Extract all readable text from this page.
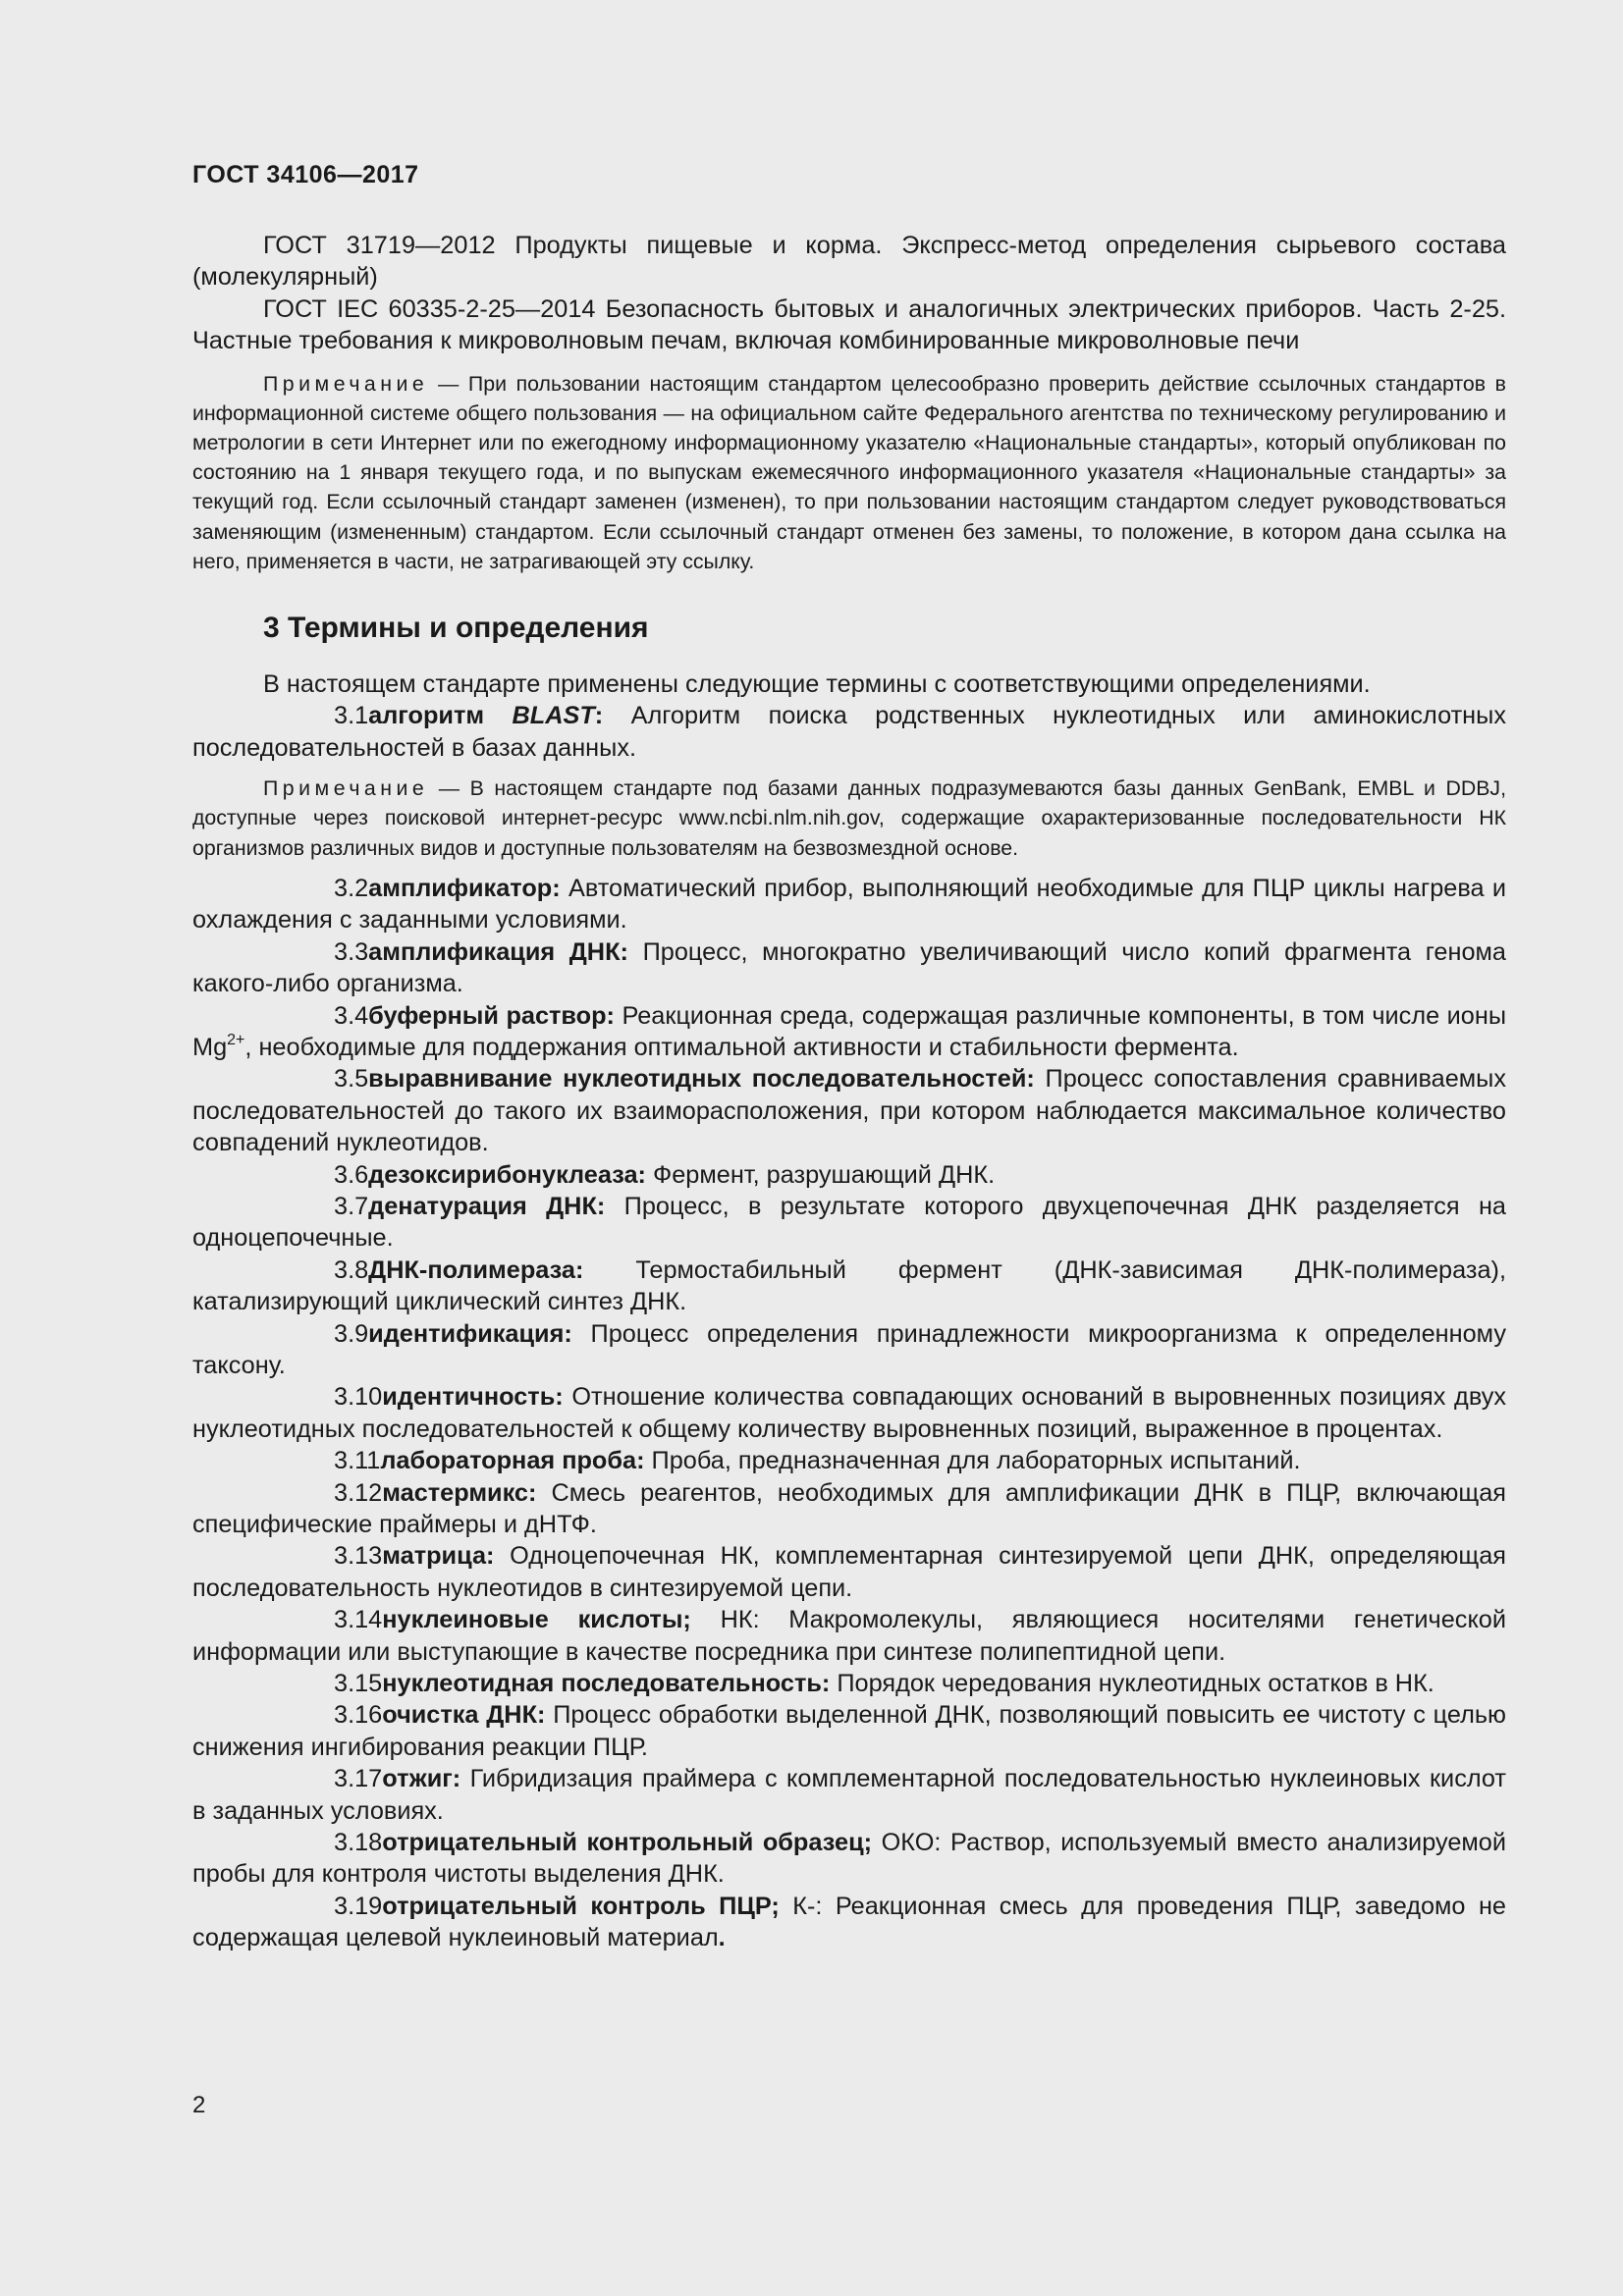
ГОСТ 34106—2017

ГОСТ 31719—2012 Продукты пищевые и корма. Экспресс-метод определения сырьевого состава (молекулярный)

ГОСТ IEC 60335-2-25—2014 Безопасность бытовых и аналогичных электрических приборов. Часть 2-25. Частные требования к микроволновым печам, включая комбинированные микроволновые печи

Примечание — При пользовании настоящим стандартом целесообразно проверить действие ссылочных стандартов в информационной системе общего пользования — на официальном сайте Федерального агентства по техническому регулированию и метрологии в сети Интернет или по ежегодному информационному указателю «Национальные стандарты», который опубликован по состоянию на 1 января текущего года, и по выпускам ежемесячного информационного указателя «Национальные стандарты» за текущий год. Если ссылочный стандарт заменен (изменен), то при пользовании настоящим стандартом следует руководствоваться заменяющим (измененным) стандартом. Если ссылочный стандарт отменен без замены, то положение, в котором дана ссылка на него, применяется в части, не затрагивающей эту ссылку.

3 Термины и определения

В настоящем стандарте применены следующие термины с соответствующими определениями.

3.1алгоритм BLAST: Алгоритм поиска родственных нуклеотидных или аминокислотных последовательностей в базах данных.

Примечание — В настоящем стандарте под базами данных подразумеваются базы данных GenBank, EMBL и DDBJ, доступные через поисковой интернет-ресурс www.ncbi.nlm.nih.gov, содержащие охарактеризованные последовательности НК организмов различных видов и доступные пользователям на безвозмездной основе.

3.2амплификатор: Автоматический прибор, выполняющий необходимые для ПЦР циклы нагрева и охлаждения с заданными условиями.

3.3амплификация ДНК: Процесс, многократно увеличивающий число копий фрагмента генома какого-либо организма.

3.4буферный раствор: Реакционная среда, содержащая различные компоненты, в том числе ионы $Mg^{2+}$, необходимые для поддержания оптимальной активности и стабильности фермента.

3.5выравнивание нуклеотидных последовательностей: Процесс сопоставления сравниваемых последовательностей до такого их взаиморасположения, при котором наблюдается максимальное количество совпадений нуклеотидов.

3.6дезоксирибонуклеаза: Фермент, разрушающий ДНК.

3.7денатурация ДНК: Процесс, в результате которого двухцепочечная ДНК разделяется на одноцепочечные.

3.8ДНК-полимераза: Термостабильный фермент (ДНК-зависимая ДНК-полимераза), катализирующий циклический синтез ДНК.

3.9идентификация: Процесс определения принадлежности микроорганизма к определенному таксону.

3.10идентичность: Отношение количества совпадающих оснований в выровненных позициях двух нуклеотидных последовательностей к общему количеству выровненных позиций, выраженное в процентах.

3.11лабораторная проба: Проба, предназначенная для лабораторных испытаний.

3.12мастермикс: Смесь реагентов, необходимых для амплификации ДНК в ПЦР, включающая специфические праймеры и дНТФ.

3.13матрица: Одноцепочечная НК, комплементарная синтезируемой цепи ДНК, определяющая последовательность нуклеотидов в синтезируемой цепи.

3.14нуклеиновые кислоты; НК: Макромолекулы, являющиеся носителями генетической информации или выступающие в качестве посредника при синтезе полипептидной цепи.

3.15нуклеотидная последовательность: Порядок чередования нуклеотидных остатков в НК.

3.16очистка ДНК: Процесс обработки выделенной ДНК, позволяющий повысить ее чистоту с целью снижения ингибирования реакции ПЦР.

3.17отжиг: Гибридизация праймера с комплементарной последовательностью нуклеиновых кислот в заданных условиях.

3.18отрицательный контрольный образец; ОКО: Раствор, используемый вместо анализируемой пробы для контроля чистоты выделения ДНК.

3.19отрицательный контроль ПЦР; К-: Реакционная смесь для проведения ПЦР, заведомо не содержащая целевой нуклеиновый материал.

2
